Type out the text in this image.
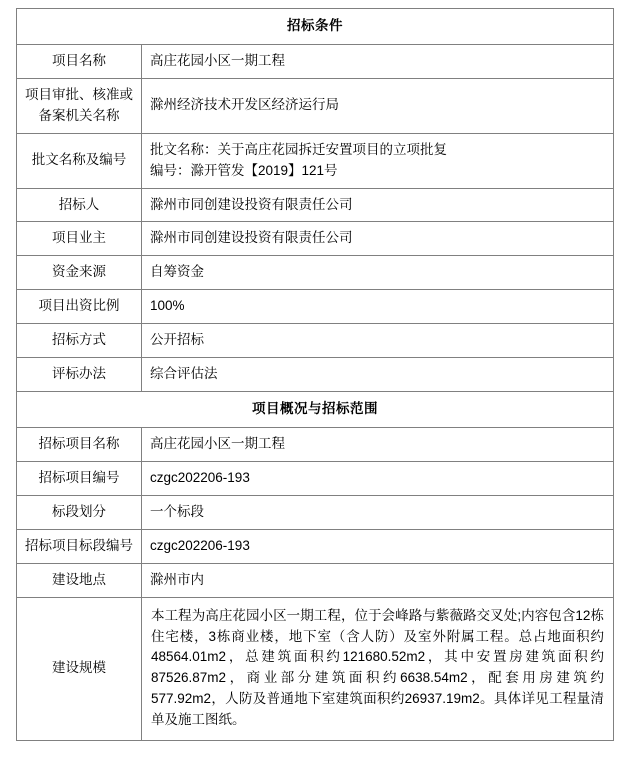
招标条件	
项目名称	高庄花园小区一期工程
项目审批、核准或备案机关名称	滁州经济技术开发区经济运行局
批文名称及编号	批文名称：关于高庄花园拆迁安置项目的立项批复
编号：滁开管发【2019】121号

招标人	滁州市同创建设投资有限责任公司
项目业主	滁州市同创建设投资有限责任公司
资金来源	自筹资金
项目出资比例	100%
招标方式	公开招标
评标办法	综合评估法
项目概况与招标范围	
招标项目名称	高庄花园小区一期工程
招标项目编号	czgc202206-193
标段划分	一个标段
招标项目标段编号	czgc202206-193
建设地点	滁州市内
建设规模	本工程为高庄花园小区一期工程，位于会峰路与紫薇路交叉处;内容包含12栋住宅楼，3栋商业楼，地下室（含人防）及室外附属工程。总占地面积约48564.01m2，总建筑面积约121680.52m2，其中安置房建筑面积约87526.87m2，商业部分建筑面积约6638.54m2，配套用房建筑约577.92m2，人防及普通地下室建筑面积约26937.19m2。具体详见工程量清单及施工图纸。
